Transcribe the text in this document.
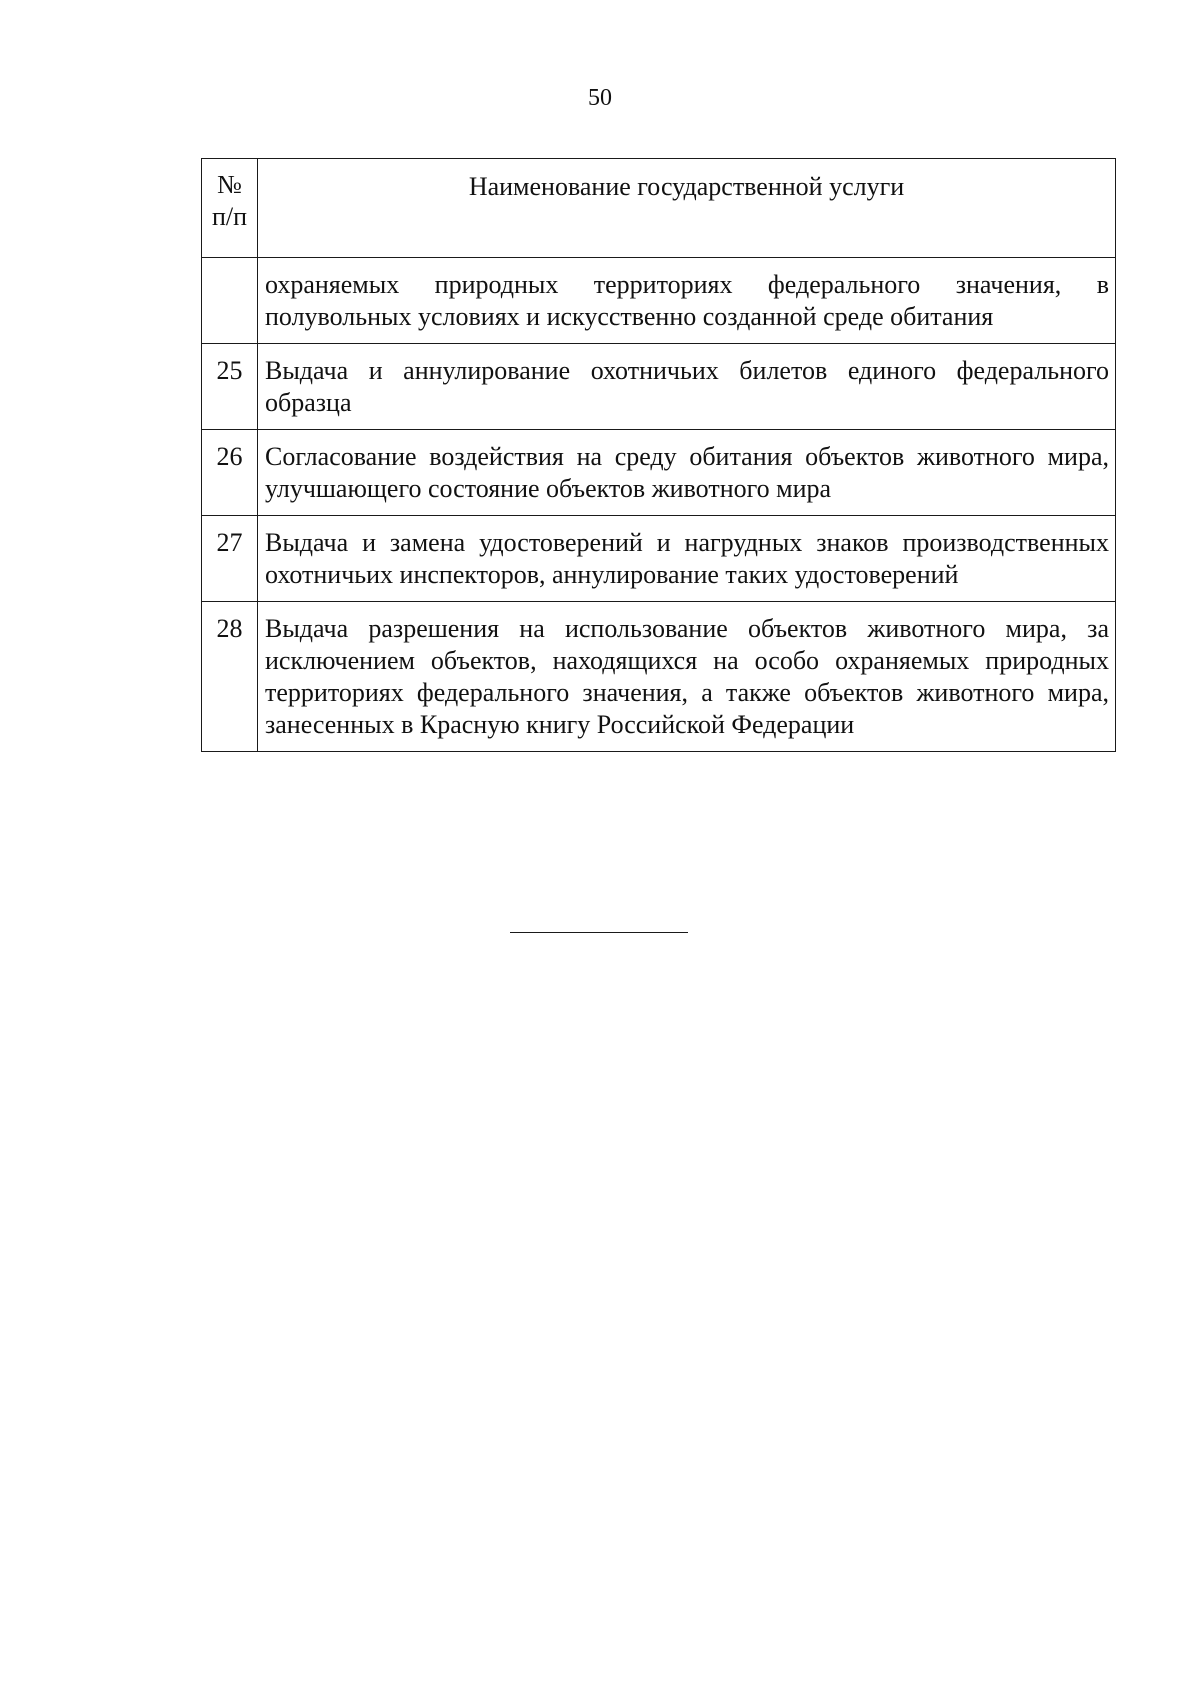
50
№ п/п	Наименование государственной услуги
	охраняемых природных территориях федерального значения, в полувольных условиях и искусственно созданной среде обитания
25	Выдача и аннулирование охотничьих билетов единого федерального образца
26	Согласование воздействия на среду обитания объектов животного мира, улучшающего состояние объектов животного мира
27	Выдача и замена удостоверений и нагрудных знаков производственных охотничьих инспекторов, аннулирование таких удостоверений
28	Выдача разрешения на использование объектов животного мира, за исключением объектов, находящихся на особо охраняемых природных территориях федерального значения, а также объектов животного мира, занесенных в Красную книгу Российской Федерации
